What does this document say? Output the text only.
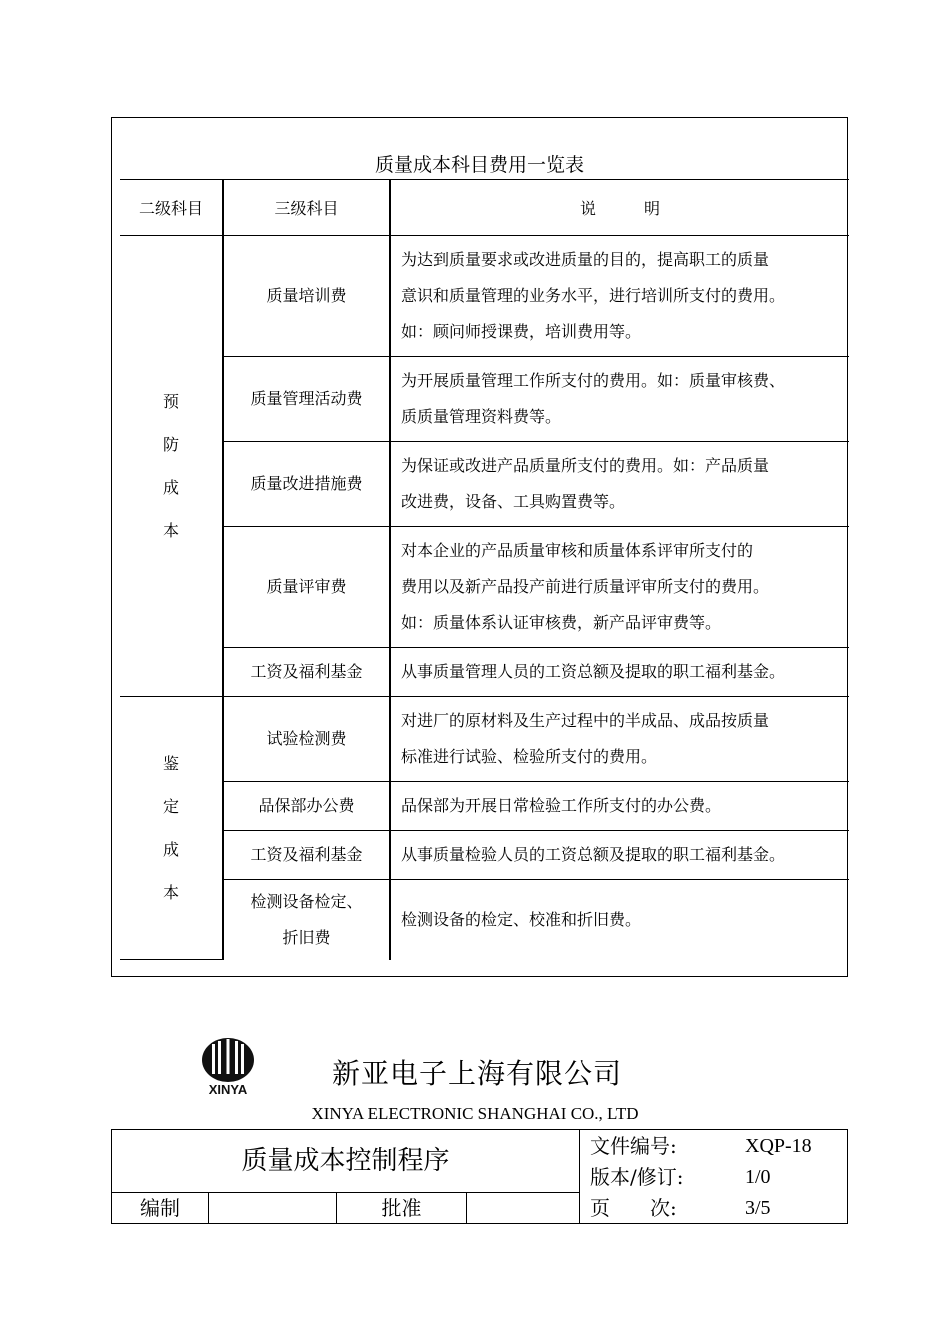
质量成本科目费用一览表
二级科目	三级科目	说　　　明
预
防
成
本	质量培训费	为达到质量要求或改进质量的目的，提高职工的质量
意识和质量管理的业务水平，进行培训所支付的费用。
如：顾问师授课费，培训费用等。
	质量管理活动费	为开展质量管理工作所支付的费用。如：质量审核费、
质质量管理资料费等。
	质量改进措施费	为保证或改进产品质量所支付的费用。如：产品质量
改进费，设备、工具购置费等。
	质量评审费	对本企业的产品质量审核和质量体系评审所支付的
费用以及新产品投产前进行质量评审所支付的费用。
如：质量体系认证审核费，新产品评审费等。
	工资及福利基金	从事质量管理人员的工资总额及提取的职工福利基金。
鉴
定
成
本	试验检测费	对进厂的原材料及生产过程中的半成品、成品按质量
标准进行试验、检验所支付的费用。
	品保部办公费	品保部为开展日常检验工作所支付的办公费。
	工资及福利基金	从事质量检验人员的工资总额及提取的职工福利基金。
	检测设备检定、
折旧费	检测设备的检定、校准和折旧费。
XINYA	新亚电子上海有限公司
XINYA ELECTRONIC SHANGHAI CO., LTD
质量成本控制程序
编制	批准
文件编号:	XQP-18
版本/修订:	1/0
页　　次:	3/5
